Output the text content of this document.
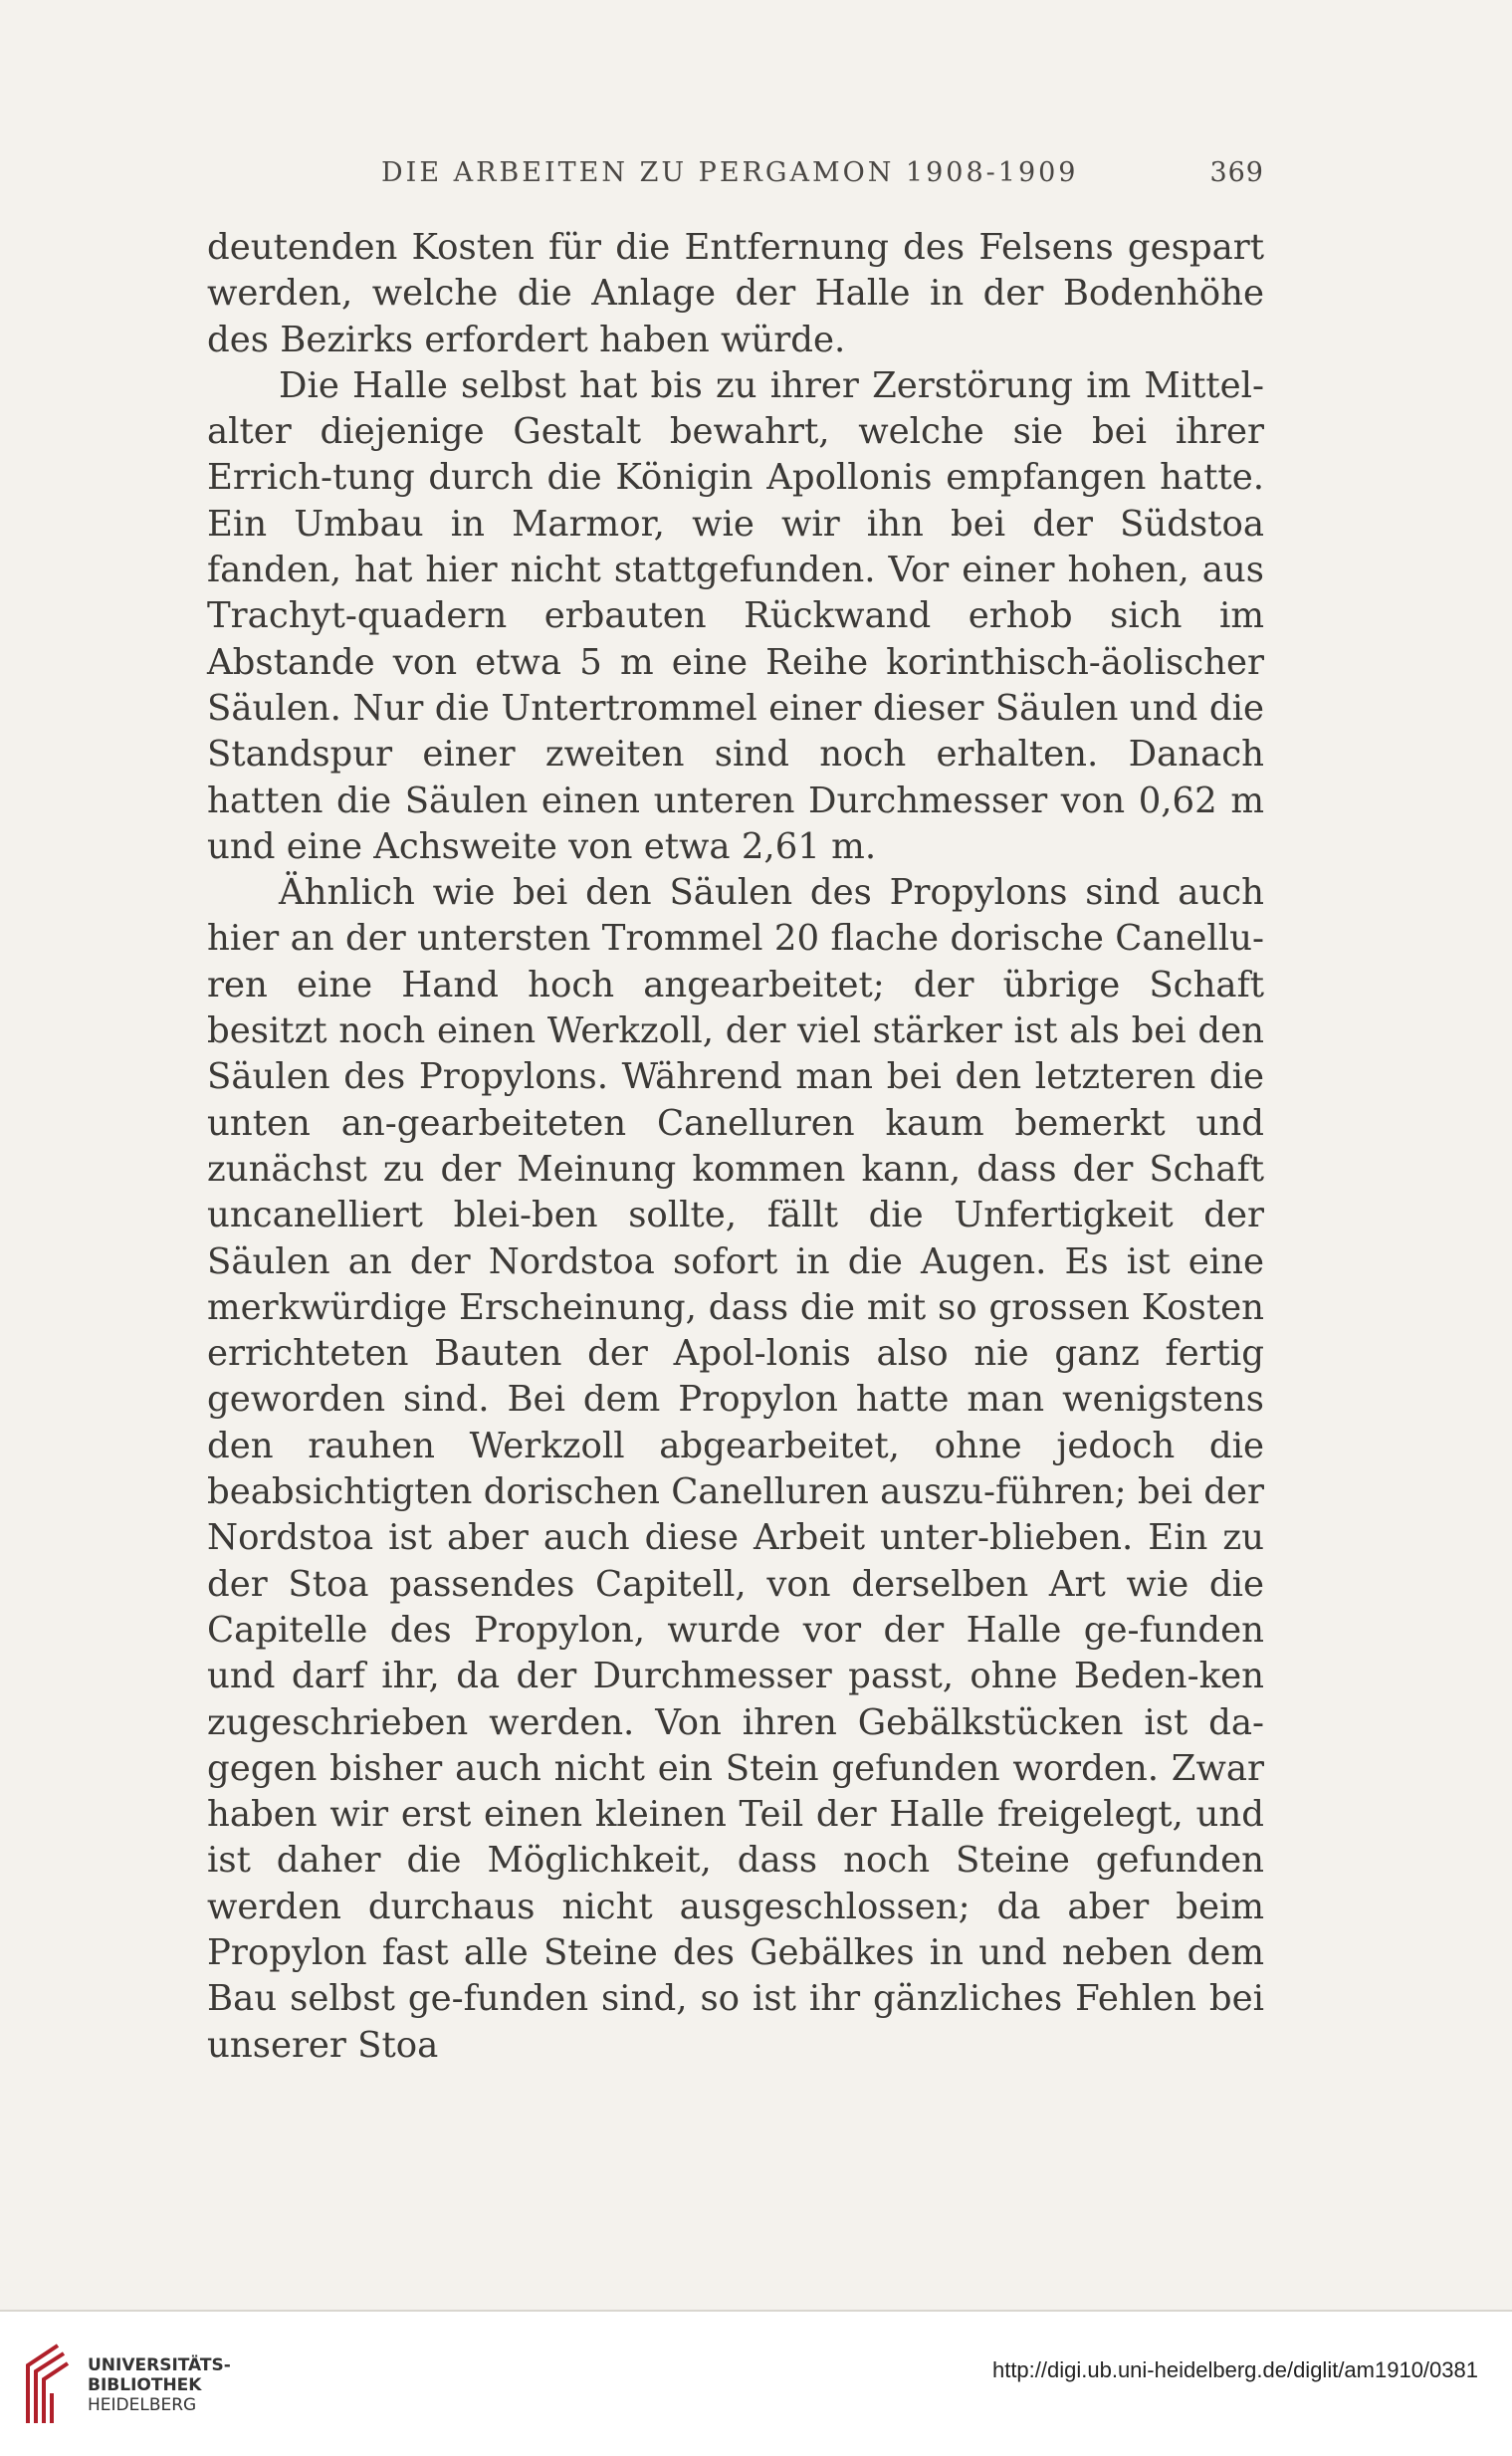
DIE ARBEITEN ZU PERGAMON 1908-1909	369

deutenden Kosten für die Entfernung des Felsens gespart werden, welche die Anlage der Halle in der Bodenhöhe des Bezirks erfordert haben würde.

Die Halle selbst hat bis zu ihrer Zerstörung im Mittel-alter diejenige Gestalt bewahrt, welche sie bei ihrer Errich-tung durch die Königin Apollonis empfangen hatte. Ein Umbau in Marmor, wie wir ihn bei der Südstoa fanden, hat hier nicht stattgefunden. Vor einer hohen, aus Trachyt-quadern erbauten Rückwand erhob sich im Abstande von etwa 5 m eine Reihe korinthisch-äolischer Säulen. Nur die Untertrommel einer dieser Säulen und die Standspur einer zweiten sind noch erhalten. Danach hatten die Säulen einen unteren Durchmesser von 0,62 m und eine Achsweite von etwa 2,61 m.

Ähnlich wie bei den Säulen des Propylons sind auch hier an der untersten Trommel 20 flache dorische Canellu-ren eine Hand hoch angearbeitet; der übrige Schaft besitzt noch einen Werkzoll, der viel stärker ist als bei den Säulen des Propylons. Während man bei den letzteren die unten an-gearbeiteten Canelluren kaum bemerkt und zunächst zu der Meinung kommen kann, dass der Schaft uncanelliert blei-ben sollte, fällt die Unfertigkeit der Säulen an der Nordstoa sofort in die Augen. Es ist eine merkwürdige Erscheinung, dass die mit so grossen Kosten errichteten Bauten der Apol-lonis also nie ganz fertig geworden sind. Bei dem Propylon hatte man wenigstens den rauhen Werkzoll abgearbeitet, ohne jedoch die beabsichtigten dorischen Canelluren auszu-führen; bei der Nordstoa ist aber auch diese Arbeit unter-blieben. Ein zu der Stoa passendes Capitell, von derselben Art wie die Capitelle des Propylon, wurde vor der Halle ge-funden und darf ihr, da der Durchmesser passt, ohne Beden-ken zugeschrieben werden. Von ihren Gebälkstücken ist da-gegen bisher auch nicht ein Stein gefunden worden. Zwar haben wir erst einen kleinen Teil der Halle freigelegt, und ist daher die Möglichkeit, dass noch Steine gefunden werden durchaus nicht ausgeschlossen; da aber beim Propylon fast alle Steine des Gebälkes in und neben dem Bau selbst ge-funden sind, so ist ihr gänzliches Fehlen bei unserer Stoa

UNIVERSITÄTS-
BIBLIOTHEK
HEIDELBERG
http://digi.ub.uni-heidelberg.de/diglit/am1910/0381
